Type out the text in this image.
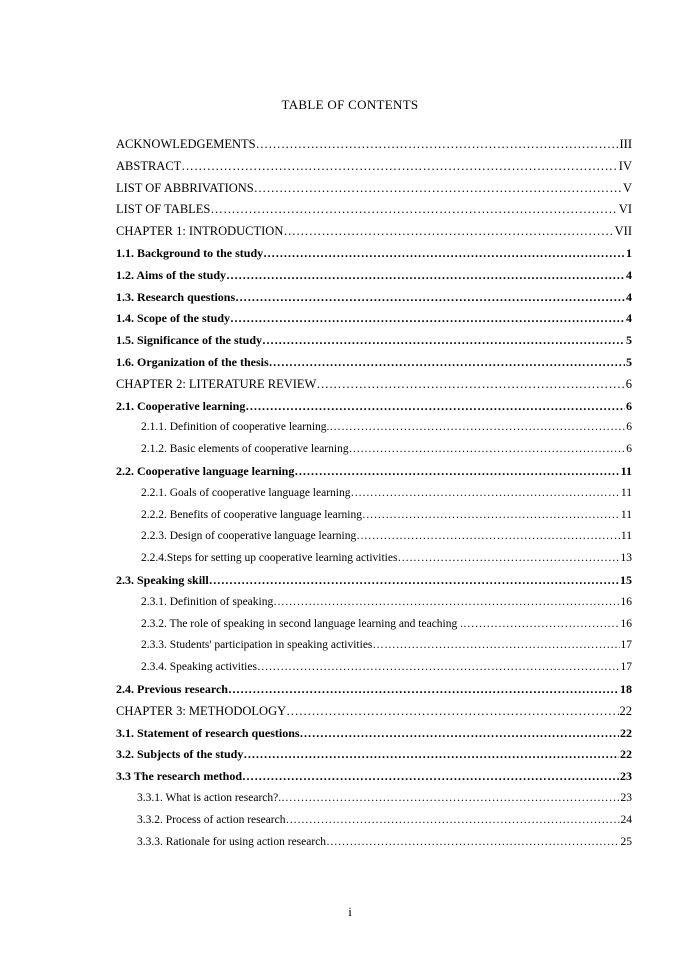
TABLE OF CONTENTS
ACKNOWLEDGEMENTS ……………………………………………………………………………………………………………………………………………………………………………	III
ABSTRACT ……………………………………………………………………………………………………………………………………………………………………………	IV
LIST OF ABBRIVATIONS ……………………………………………………………………………………………………………………………………………………………………………	V
LIST OF TABLES ……………………………………………………………………………………………………………………………………………………………………………	VI
CHAPTER 1: INTRODUCTION ……………………………………………………………………………………………………………………………………………………………………………	VII
1.1. Background to the study ……………………………………………………………………………………………………………………………………………………………………………	1
1.2. Aims of the study ……………………………………………………………………………………………………………………………………………………………………………	4
1.3. Research questions ……………………………………………………………………………………………………………………………………………………………………………	4
1.4. Scope of the study ……………………………………………………………………………………………………………………………………………………………………………	4
1.5. Significance of the study ……………………………………………………………………………………………………………………………………………………………………………	5
1.6. Organization of the thesis ……………………………………………………………………………………………………………………………………………………………………………	5
CHAPTER 2: LITERATURE REVIEW ……………………………………………………………………………………………………………………………………………………………………………	6
2.1. Cooperative learning ……………………………………………………………………………………………………………………………………………………………………………	6
2.1.1. Definition of cooperative learning. ……………………………………………………………………………………………………………………………………………………………………………	6
2.1.2. Basic elements of cooperative learning ……………………………………………………………………………………………………………………………………………………………………………	6
2.2. Cooperative language learning ……………………………………………………………………………………………………………………………………………………………………………	11
2.2.1. Goals of cooperative language learning ……………………………………………………………………………………………………………………………………………………………………………	11
2.2.2. Benefits of cooperative language learning ……………………………………………………………………………………………………………………………………………………………………………	11
2.2.3. Design of cooperative language learning ……………………………………………………………………………………………………………………………………………………………………………	11
2.2.4.Steps for setting up cooperative learning activities ……………………………………………………………………………………………………………………………………………………………………………	13
2.3. Speaking skill ……………………………………………………………………………………………………………………………………………………………………………	15
2.3.1. Definition of speaking ……………………………………………………………………………………………………………………………………………………………………………	16
2.3.2. The role of speaking in second language learning and teaching . ……………………………………………………………………………………………………………………………………………………………………………	16
2.3.3. Students' participation in speaking activities ……………………………………………………………………………………………………………………………………………………………………………	17
2.3.4. Speaking activities ……………………………………………………………………………………………………………………………………………………………………………	17
2.4. Previous research ……………………………………………………………………………………………………………………………………………………………………………	18
CHAPTER 3: METHODOLOGY ……………………………………………………………………………………………………………………………………………………………………………	22
3.1. Statement of research questions ……………………………………………………………………………………………………………………………………………………………………………	22
3.2. Subjects of the study ……………………………………………………………………………………………………………………………………………………………………………	22
3.3 The research method ……………………………………………………………………………………………………………………………………………………………………………	23
3.3.1. What is action research?. ……………………………………………………………………………………………………………………………………………………………………………	23
3.3.2. Process of action research ……………………………………………………………………………………………………………………………………………………………………………	24
3.3.3. Rationale for using action research ……………………………………………………………………………………………………………………………………………………………………………	25
i
